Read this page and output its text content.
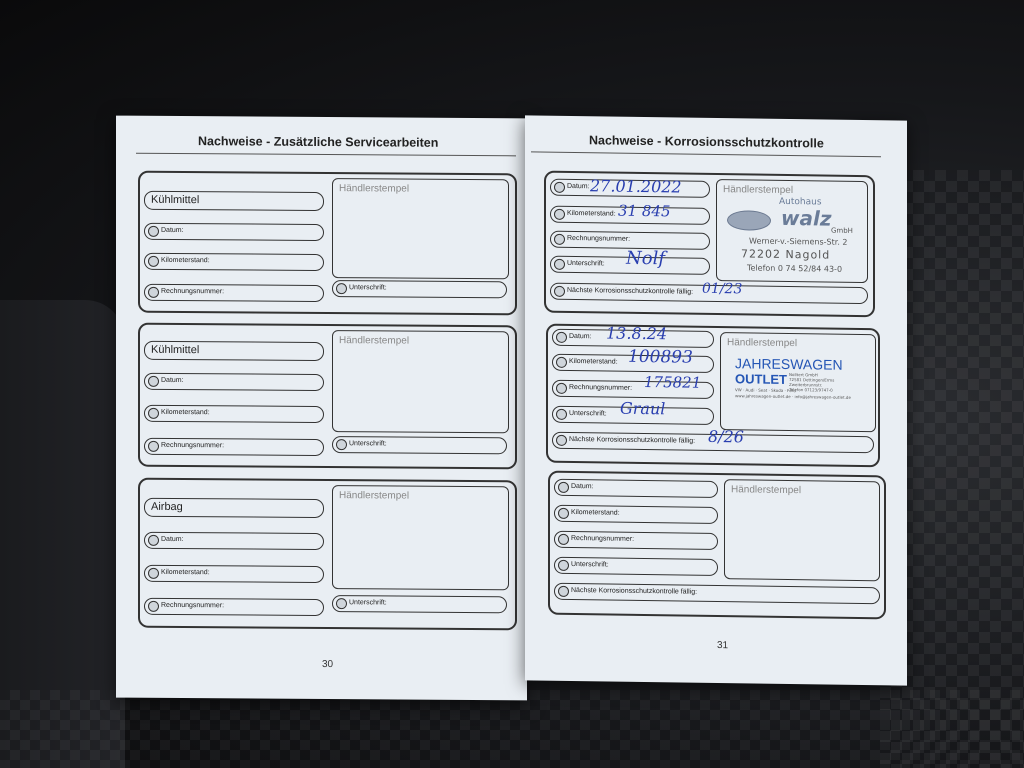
Nachweise - Zusätzliche Servicearbeiten
Kühlmittel
Datum:
Kilometerstand:
Rechnungsnummer:
Händlerstempel
Unterschrift:
Kühlmittel
Datum:
Kilometerstand:
Rechnungsnummer:
Händlerstempel
Unterschrift:
Airbag
Datum:
Kilometerstand:
Rechnungsnummer:
Händlerstempel
Unterschrift:
30
Nachweise - Korrosionsschutzkontrolle
Datum:
Kilometerstand:
Rechnungsnummer:
Unterschrift:
Nächste Korrosionsschutzkontrolle fällig:
Händlerstempel
Autohaus
walz
GmbH
Werner-v.-Siemens-Str. 2
72202 Nagold
Telefon 0 74 52/84 43-0
27.01.2022
31 845
Nolf
01/23
Datum:
Kilometerstand:
Rechnungsnummer:
Unterschrift:
Nächste Korrosionsschutzkontrolle fällig:
Händlerstempel
JAHRESWAGEN
OUTLET Nolltert GmbH
72581 Dettingen/Erms
Zweiterbrunnstr.
Telefon 07123/9747-0
VW · Audi · Seat · Skoda · Ford
www.jahreswagen-outlet.de · info@jahreswagen-outlet.de
13.8.24
100893
175821
Graul
8/26
Datum:
Kilometerstand:
Rechnungsnummer:
Unterschrift:
Nächste Korrosionsschutzkontrolle fällig:
Händlerstempel
31
